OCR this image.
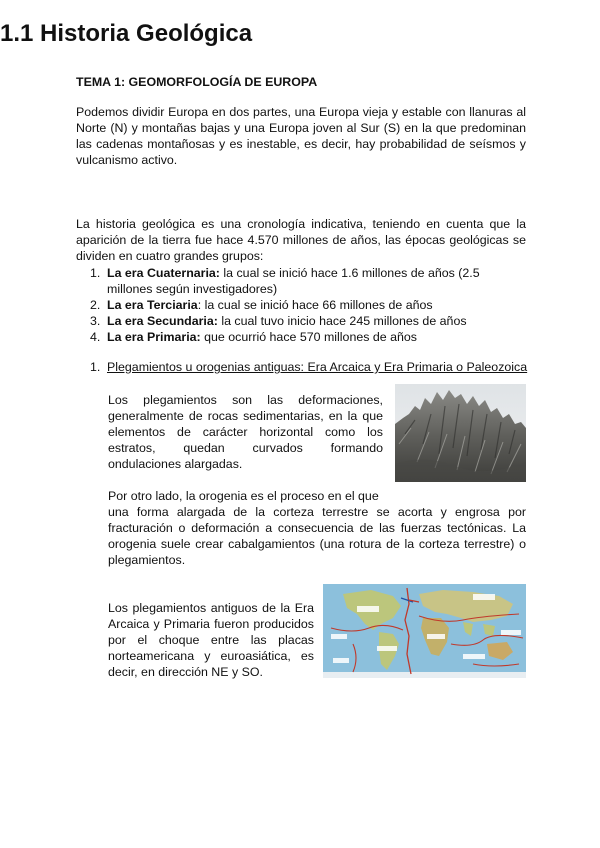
TEMA 1: GEOMORFOLOGÍA DE EUROPA

Podemos dividir Europa en dos partes, una Europa vieja y estable con llanuras al Norte (N) y montañas bajas y una Europa joven al Sur (S) en la que predominan las cadenas montañosas y es inestable, es decir, hay probabilidad de seísmos y vulcanismo activo.

1.1 Historia Geológica

La historia geológica es una cronología indicativa, teniendo en cuenta que la aparición de la tierra fue hace 4.570 millones de años, las épocas geológicas se dividen en cuatro grandes grupos:

1. La era Cuaternaria: la cual se inició hace 1.6 millones de años (2.5 millones según investigadores)
2. La era Terciaria: la cual se inició hace 66 millones de años
3. La era Secundaria: la cual tuvo inicio hace 245 millones de años
4. La era Primaria: que ocurrió hace 570 millones de años
1. Plegamientos u orogenias antiguas: Era Arcaica y Era Primaria o Paleozoica

Los plegamientos son las deformaciones, generalmente de rocas sedimentarias, en la que elementos de carácter horizontal como los estratos, quedan curvados formando ondulaciones alargadas.

Por otro lado, la orogenia es el proceso en el que

una forma alargada de la corteza terrestre se acorta y engrosa por fracturación o deformación a consecuencia de las fuerzas tectónicas. La orogenia suele crear cabalgamientos (una rotura de la corteza terrestre) o plegamientos.

Los plegamientos antiguos de la Era Arcaica y Primaria fueron producidos por el choque entre las placas norteamericana y euroasiática, es decir, en dirección NE y SO.
